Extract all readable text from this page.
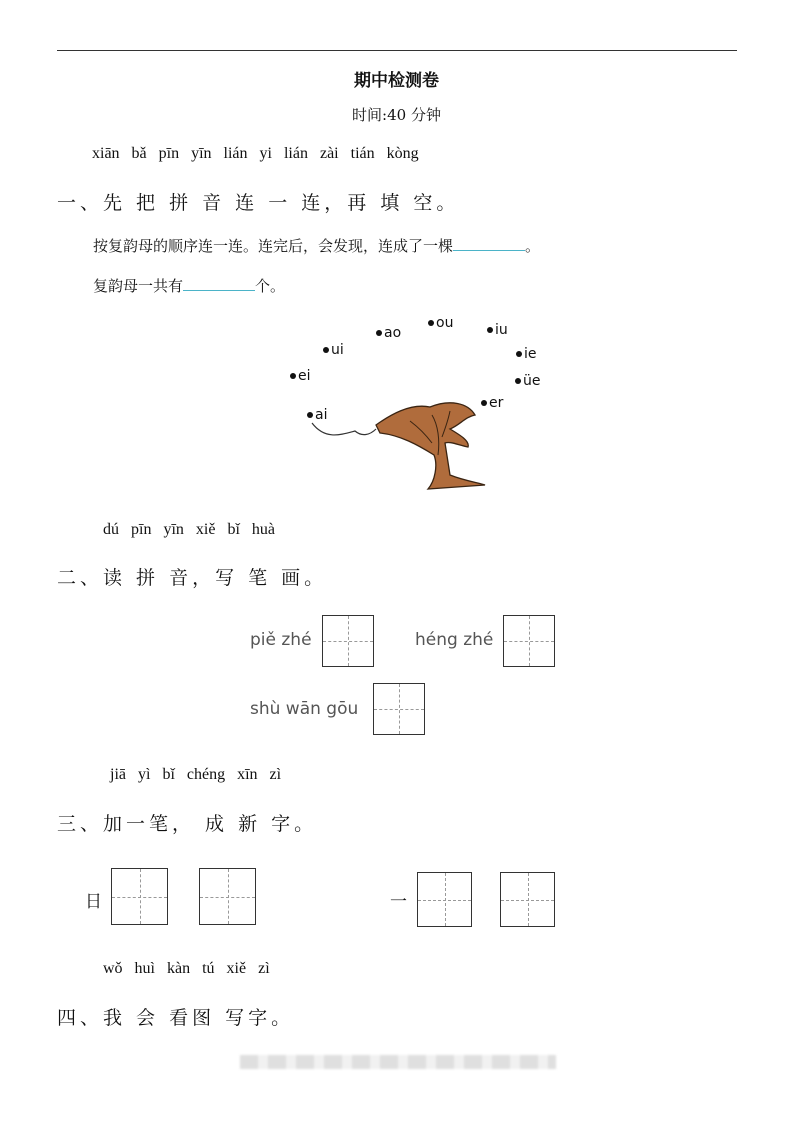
期中检测卷
时间:40 分钟
xiān bǎ pīn yīn lián yi lián zài tián kòng
一、先 把 拼 音 连 一 连，再 填 空。
按复韵母的顺序连一连。连完后，会发现，连成了一棵	。
复韵母一共有	个。
ai
ei
ui
ao
ou	iu
ie
üe
er
dú pīn yīn xiě bǐ huà
二、读 拼 音，写 笔 画。
piě zhé	héng zhé
shù wān gōu
jiā yì bǐ chéng xīn zì
三、加一笔， 成 新 字。
日	一
wǒ huì kàn tú xiě zì
四、我 会 看图 写字。
